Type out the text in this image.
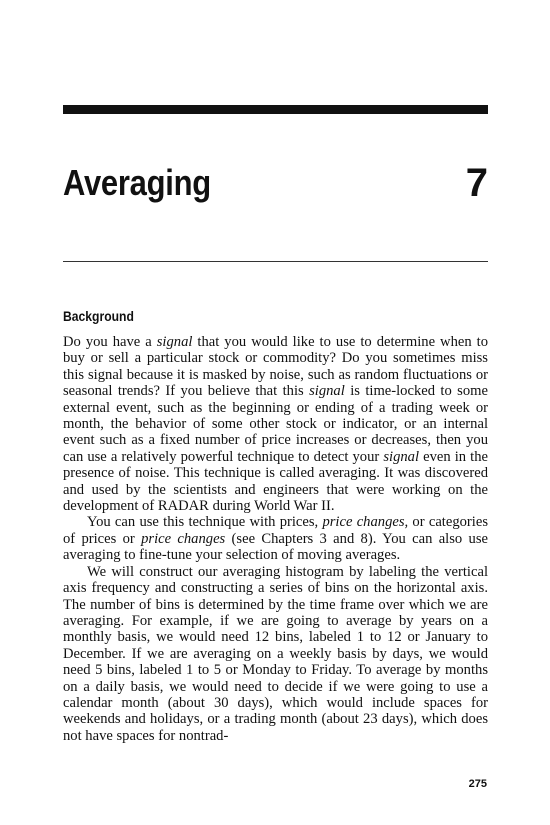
Averaging	7
Background

Do you have a signal that you would like to use to determine when to buy or sell a particular stock or commodity? Do you sometimes miss this signal because it is masked by noise, such as random fluctuations or seasonal trends? If you believe that this signal is time-locked to some external event, such as the beginning or ending of a trading week or month, the behavior of some other stock or indicator, or an internal event such as a fixed number of price increases or decreases, then you can use a relatively powerful technique to detect your signal even in the presence of noise. This technique is called averaging. It was discovered and used by the scientists and engineers that were working on the development of RADAR during World War II.

You can use this technique with prices, price changes, or categories of prices or price changes (see Chapters 3 and 8). You can also use averaging to fine-tune your selection of moving averages.

We will construct our averaging histogram by labeling the vertical axis frequency and constructing a series of bins on the horizontal axis. The number of bins is determined by the time frame over which we are averaging. For example, if we are going to average by years on a monthly basis, we would need 12 bins, labeled 1 to 12 or January to December. If we are averaging on a weekly basis by days, we would need 5 bins, labeled 1 to 5 or Monday to Friday. To average by months on a daily basis, we would need to decide if we were going to use a calendar month (about 30 days), which would include spaces for weekends and holidays, or a trading month (about 23 days), which does not have spaces for nontrad-

275
